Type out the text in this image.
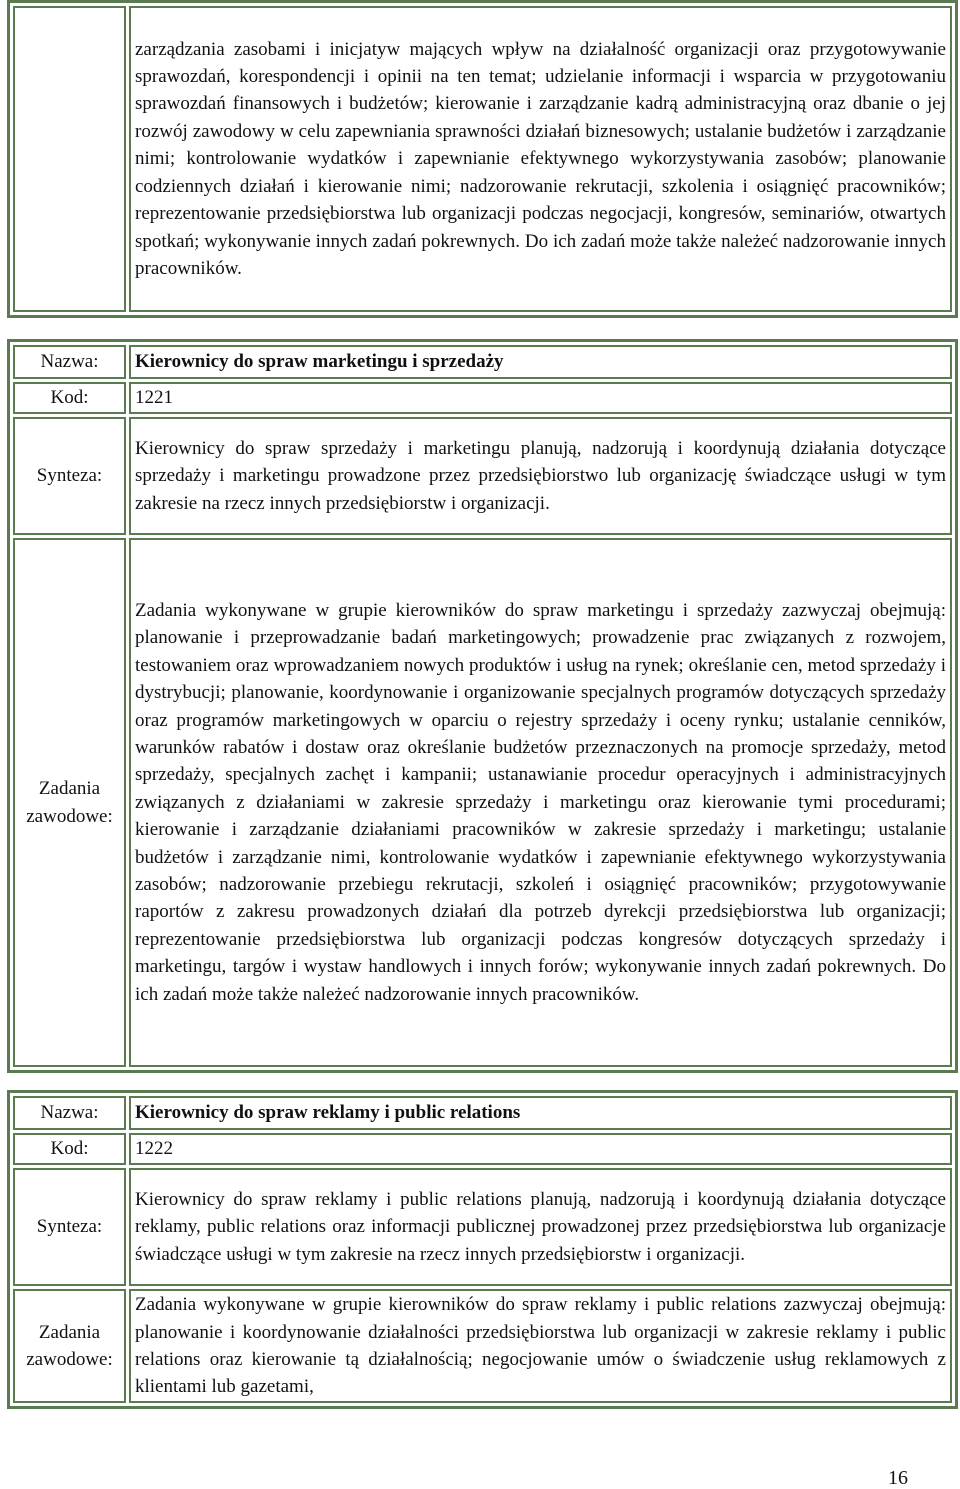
	zarządzania zasobami i inicjatyw mających wpływ na działalność organizacji oraz przygotowywanie sprawozdań, korespondencji i opinii na ten temat; udzielanie informacji i wsparcia w przygotowaniu sprawozdań finansowych i budżetów; kierowanie i zarządzanie kadrą administracyjną oraz dbanie o jej rozwój zawodowy w celu zapewniania sprawności działań biznesowych; ustalanie budżetów i zarządzanie nimi; kontrolowanie wydatków i zapewnianie efektywnego wykorzystywania zasobów; planowanie codziennych działań i kierowanie nimi; nadzorowanie rekrutacji, szkolenia i osiągnięć pracowników; reprezentowanie przedsiębiorstwa lub organizacji podczas negocjacji, kongresów, seminariów, otwartych spotkań; wykonywanie innych zadań pokrewnych. Do ich zadań może także należeć nadzorowanie innych pracowników.
Nazwa:	Kierownicy do spraw marketingu i sprzedaży
Kod:	1221
Synteza:	Kierownicy do spraw sprzedaży i marketingu planują, nadzorują i koordynują działania dotyczące sprzedaży i marketingu prowadzone przez przedsiębiorstwo lub organizację świadczące usługi w tym zakresie na rzecz innych przedsiębiorstw i organizacji.
Zadania zawodowe:	Zadania wykonywane w grupie kierowników do spraw marketingu i sprzedaży zazwyczaj obejmują: planowanie i przeprowadzanie badań marketingowych; prowadzenie prac związanych z rozwojem, testowaniem oraz wprowadzaniem nowych produktów i usług na rynek; określanie cen, metod sprzedaży i dystrybucji; planowanie, koordynowanie i organizowanie specjalnych programów dotyczących sprzedaży oraz programów marketingowych w oparciu o rejestry sprzedaży i oceny rynku; ustalanie cenników, warunków rabatów i dostaw oraz określanie budżetów przeznaczonych na promocje sprzedaży, metod sprzedaży, specjalnych zachęt i kampanii; ustanawianie procedur operacyjnych i administracyjnych związanych z działaniami w zakresie sprzedaży i marketingu oraz kierowanie tymi procedurami; kierowanie i zarządzanie działaniami pracowników w zakresie sprzedaży i marketingu; ustalanie budżetów i zarządzanie nimi, kontrolowanie wydatków i zapewnianie efektywnego wykorzystywania zasobów; nadzorowanie przebiegu rekrutacji, szkoleń i osiągnięć pracowników; przygotowywanie raportów z zakresu prowadzonych działań dla potrzeb dyrekcji przedsiębiorstwa lub organizacji; reprezentowanie przedsiębiorstwa lub organizacji podczas kongresów dotyczących sprzedaży i marketingu, targów i wystaw handlowych i innych forów; wykonywanie innych zadań pokrewnych. Do ich zadań może także należeć nadzorowanie innych pracowników.
Nazwa:	Kierownicy do spraw reklamy i public relations
Kod:	1222
Synteza:	Kierownicy do spraw reklamy i public relations planują, nadzorują i koordynują działania dotyczące reklamy, public relations oraz informacji publicznej prowadzonej przez przedsiębiorstwa lub organizacje świadczące usługi w tym zakresie na rzecz innych przedsiębiorstw i organizacji.
Zadania zawodowe:	Zadania wykonywane w grupie kierowników do spraw reklamy i public relations zazwyczaj obejmują: planowanie i koordynowanie działalności przedsiębiorstwa lub organizacji w zakresie reklamy i public relations oraz kierowanie tą działalnością; negocjowanie umów o świadczenie usług reklamowych z klientami lub gazetami,
16
